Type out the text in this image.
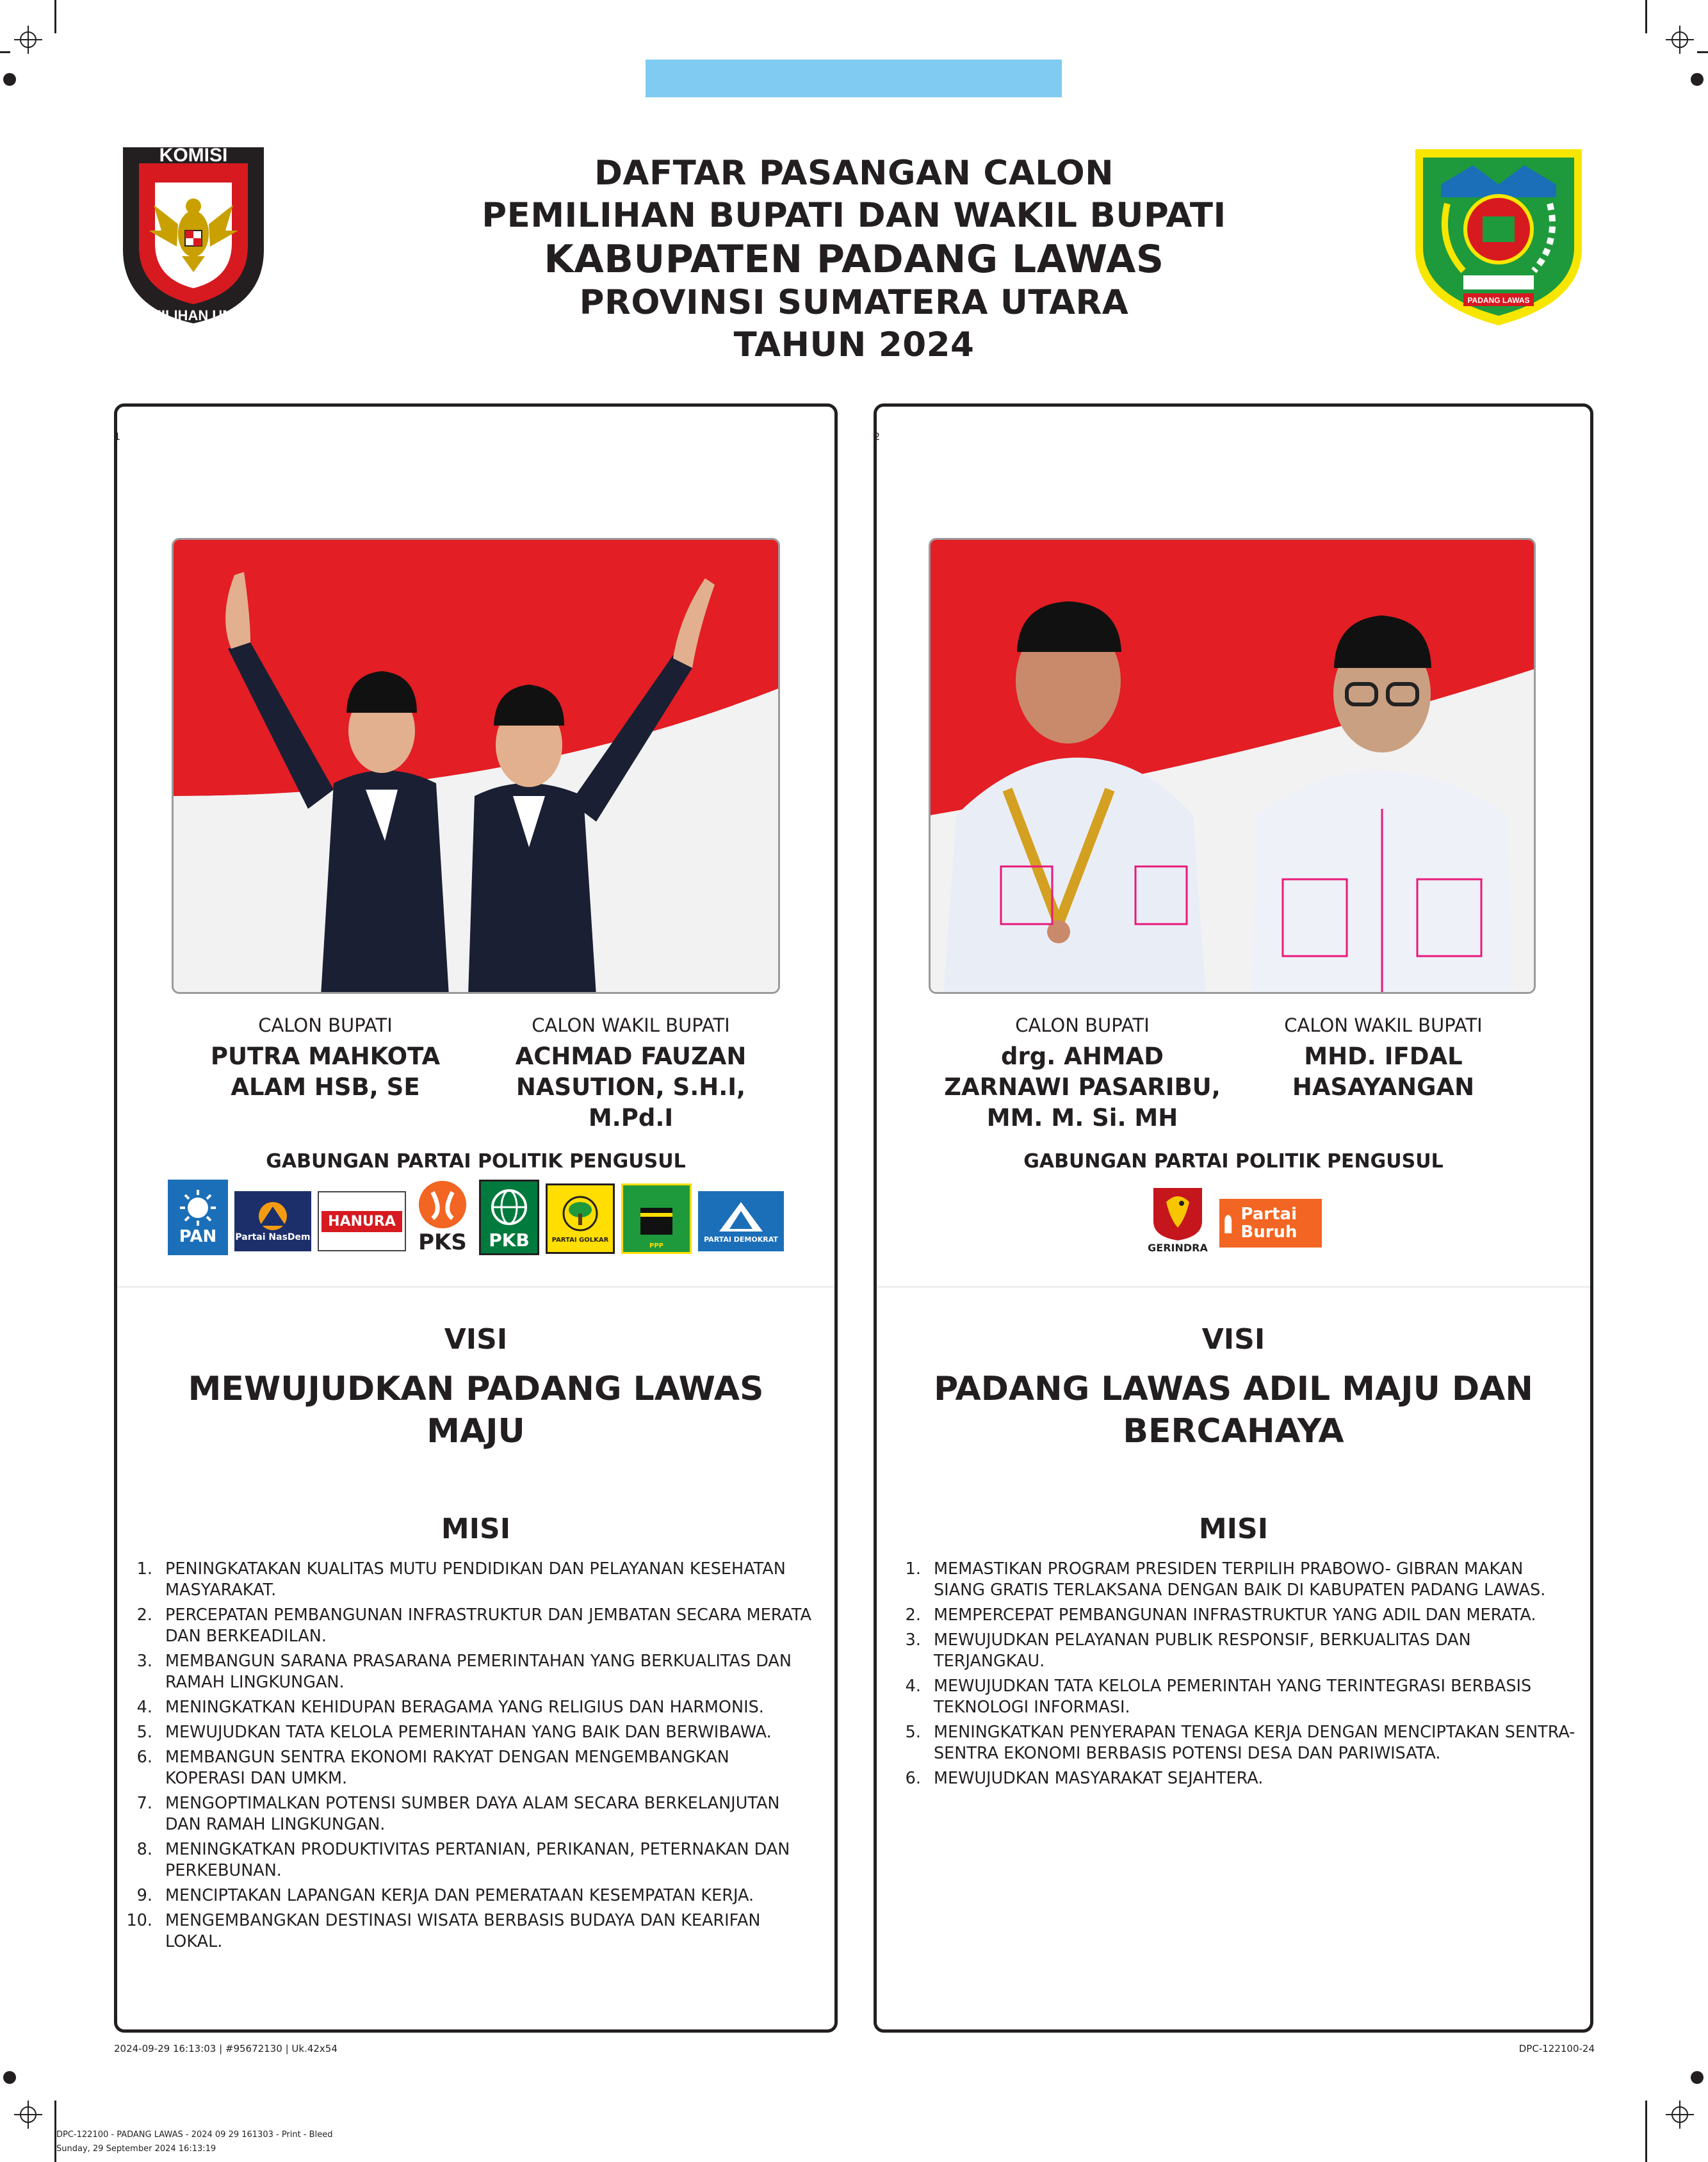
KOMISI
PEMILIHAN UMUM
PADANG LAWAS
DAFTAR PASANGAN CALON
PEMILIHAN BUPATI DAN WAKIL BUPATI
KABUPATEN PADANG LAWAS
PROVINSI SUMATERA UTARA
TAHUN 2024
1
CALON BUPATI
PUTRA MAHKOTA ALAM HSB, SE
CALON WAKIL BUPATI
ACHMAD FAUZAN NASUTION, S.H.I, M.Pd.I
GABUNGAN PARTAI POLITIK PENGUSUL
PAN Partai NasDem
HANURA
PKS PKB	PARTAI GOLKAR
PPP
PARTAI DEMOKRAT
VISI
MEWUJUDKAN PADANG LAWAS MAJU
MISI
1. PENINGKATAKAN KUALITAS MUTU PENDIDIKAN DAN PELAYANAN KESEHATAN MASYARAKAT.
2. PERCEPATAN PEMBANGUNAN INFRASTRUKTUR DAN JEMBATAN SECARA MERATA DAN BERKEADILAN.
3. MEMBANGUN SARANA PRASARANA PEMERINTAHAN YANG BERKUALITAS DAN RAMAH LINGKUNGAN.
4. MENINGKATKAN KEHIDUPAN BERAGAMA YANG RELIGIUS DAN HARMONIS.
5. MEWUJUDKAN TATA KELOLA PEMERINTAHAN YANG BAIK DAN BERWIBAWA.
6. MEMBANGUN SENTRA EKONOMI RAKYAT DENGAN MENGEMBANGKAN KOPERASI DAN UMKM.
7. MENGOPTIMALKAN POTENSI SUMBER DAYA ALAM SECARA BERKELANJUTAN DAN RAMAH LINGKUNGAN.
8. MENINGKATKAN PRODUKTIVITAS PERTANIAN, PERIKANAN, PETERNAKAN DAN PERKEBUNAN.
9. MENCIPTAKAN LAPANGAN KERJA DAN PEMERATAAN KESEMPATAN KERJA.
10. MENGEMBANGKAN DESTINASI WISATA BERBASIS BUDAYA DAN KEARIFAN LOKAL.
2
CALON BUPATI
drg. AHMAD ZARNAWI PASARIBU, MM. M. Si. MH
CALON WAKIL BUPATI
MHD. IFDAL HASAYANGAN
GABUNGAN PARTAI POLITIK PENGUSUL
GERINDRA
Partai Buruh
VISI
PADANG LAWAS ADIL MAJU DAN BERCAHAYA
MISI
1. MEMASTIKAN PROGRAM PRESIDEN TERPILIH PRABOWO- GIBRAN MAKAN SIANG GRATIS TERLAKSANA DENGAN BAIK DI KABUPATEN PADANG LAWAS.
2. MEMPERCEPAT PEMBANGUNAN INFRASTRUKTUR YANG ADIL DAN MERATA.
3. MEWUJUDKAN PELAYANAN PUBLIK RESPONSIF, BERKUALITAS DAN TERJANGKAU.
4. MEWUJUDKAN TATA KELOLA PEMERINTAH YANG TERINTEGRASI BERBASIS TEKNOLOGI INFORMASI.
5. MENINGKATKAN PENYERAPAN TENAGA KERJA DENGAN MENCIPTAKAN SENTRA-SENTRA EKONOMI BERBASIS POTENSI DESA DAN PARIWISATA.
6. MEWUJUDKAN MASYARAKAT SEJAHTERA.
2024-09-29 16:13:03 | #95672130 | Uk.42x54	DPC-122100-24
DPC-122100 - PADANG LAWAS - 2024 09 29 161303 - Print - Bleed
Sunday, 29 September 2024 16:13:19
